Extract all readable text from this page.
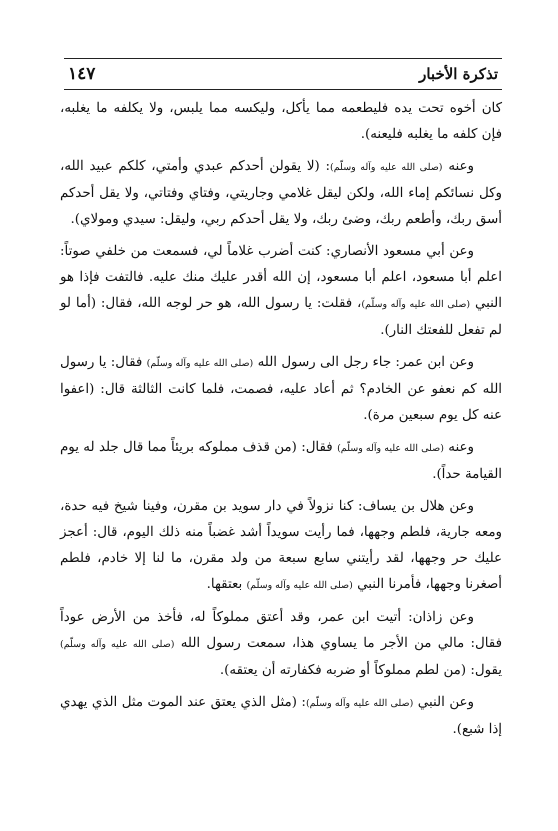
تذكرة الأخبار
١٤٧

كان أخوه تحت يده فليطعمه مما يأكل، وليكسه مما يلبس، ولا يكلفه ما يغلبه، فإن كلفه ما يغلبه فليعنه).

وعنه (صلى الله عليه وآله وسلّم): (لا يقولن أحدكم عبدي وأمتي، كلكم عبيد الله، وكل نسائكم إماء الله، ولكن ليقل غلامي وجاريتي، وفتاي وفتاتي، ولا يقل أحدكم أسق ربك، وأطعم ربك، وضئ ربك، ولا يقل أحدكم ربي، وليقل: سيدي ومولاي).

وعن أبي مسعود الأنصاري: كنت أضرب غلاماً لي، فسمعت من خلفي صوتاً: اعلم أبا مسعود، اعلم أبا مسعود، إن الله أقدر عليك منك عليه. فالتفت فإذا هو النبي (صلى الله عليه وآله وسلّم)، فقلت: يا رسول الله، هو حر لوجه الله، فقال: (أما لو لم تفعل للفعتك النار).

وعن ابن عمر: جاء رجل الى رسول الله (صلى الله عليه وآله وسلّم) فقال: يا رسول الله كم نعفو عن الخادم؟ ثم أعاد عليه، فصمت، فلما كانت الثالثة قال: (اعفوا عنه كل يوم سبعين مرة).

وعنه (صلى الله عليه وآله وسلّم) فقال: (من قذف مملوكه بريئاً مما قال جلد له يوم القيامة حداً).

وعن هلال بن يساف: كنا نزولاً في دار سويد بن مقرن، وفينا شيخ فيه حدة، ومعه جارية، فلطم وجهها، فما رأيت سويداً أشد غضباً منه ذلك اليوم، قال: أعجز عليك حر وجهها، لقد رأيتني سابع سبعة من ولد مقرن، ما لنا إلا خادم، فلطم أصغرنا وجهها، فأمرنا النبي (صلى الله عليه وآله وسلّم) بعتقها.

وعن زاذان: أتيت ابن عمر، وقد أعتق مملوكاً له، فأخذ من الأرض عوداً فقال: مالي من الأجر ما يساوي هذا، سمعت رسول الله (صلى الله عليه وآله وسلّم) يقول: (من لطم مملوكاً أو ضربه فكفارته أن يعتقه).

وعن النبي (صلى الله عليه وآله وسلّم): (مثل الذي يعتق عند الموت مثل الذي يهدي إذا شبع).
